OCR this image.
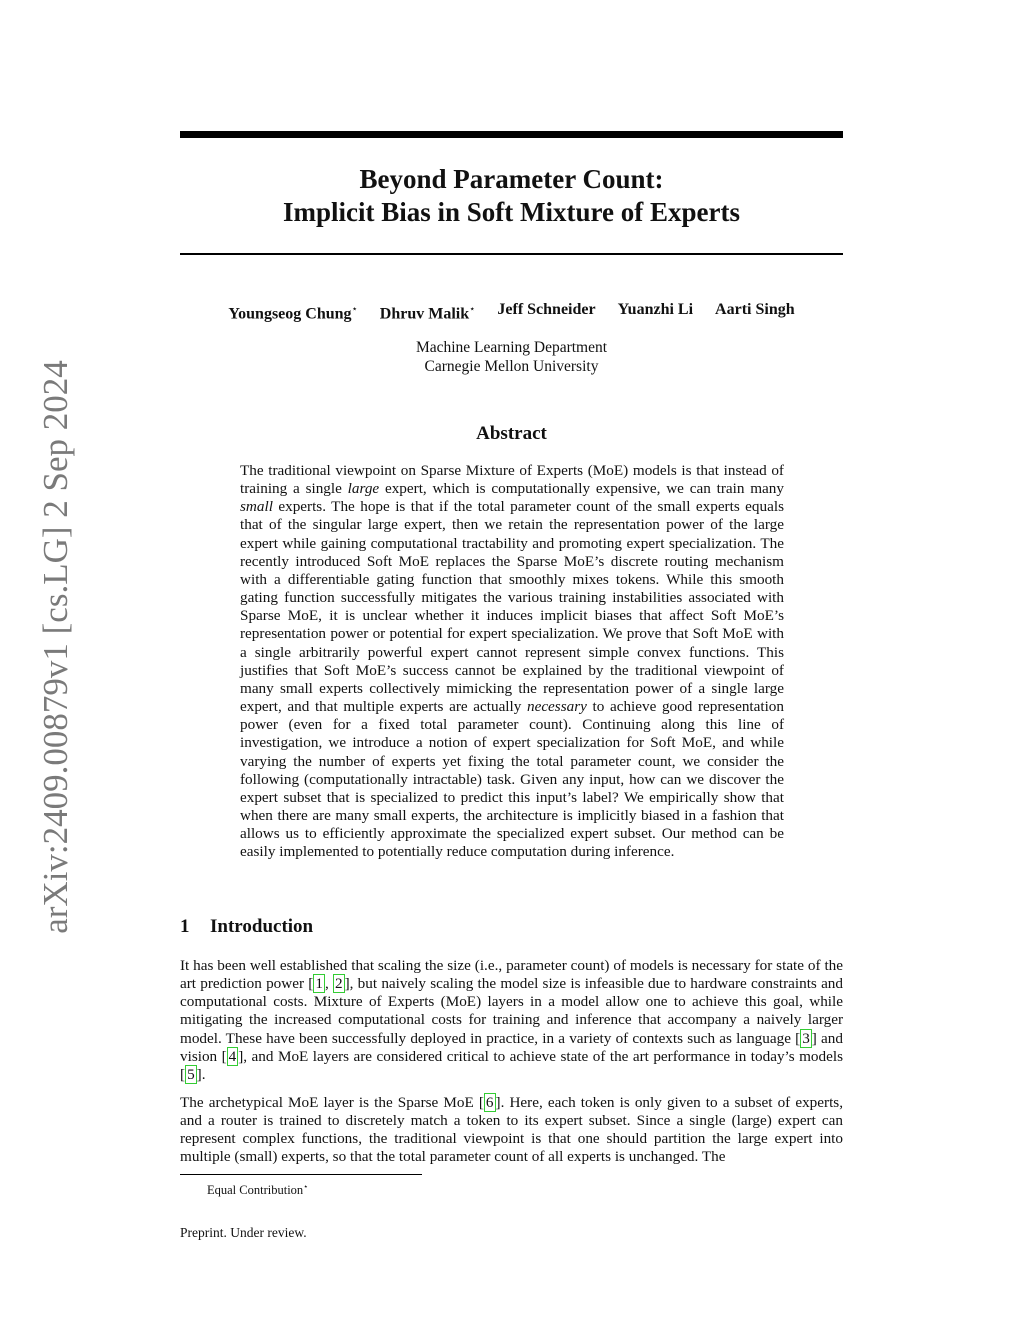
arXiv:2409.00879v1 [cs.LG] 2 Sep 2024
Beyond Parameter Count:
Implicit Bias in Soft Mixture of Experts
Youngseog Chung⋆ Dhruv Malik⋆ Jeff Schneider Yuanzhi Li Aarti Singh
Machine Learning Department
Carnegie Mellon University
Abstract
The traditional viewpoint on Sparse Mixture of Experts (MoE) models is that instead of training a single large expert, which is computationally expensive, we can train many small experts. The hope is that if the total parameter count of the small experts equals that of the singular large expert, then we retain the representation power of the large expert while gaining computational tractability and promoting expert specialization. The recently introduced Soft MoE replaces the Sparse MoE’s discrete routing mechanism with a differentiable gating function that smoothly mixes tokens. While this smooth gating function successfully mitigates the various training instabilities associated with Sparse MoE, it is unclear whether it induces implicit biases that affect Soft MoE’s representation power or potential for expert specialization. We prove that Soft MoE with a single arbitrarily powerful expert cannot represent simple convex functions. This justifies that Soft MoE’s success cannot be explained by the traditional viewpoint of many small experts collectively mimicking the representation power of a single large expert, and that multiple experts are actually necessary to achieve good representation power (even for a fixed total parameter count). Continuing along this line of investigation, we introduce a notion of expert specialization for Soft MoE, and while varying the number of experts yet fixing the total parameter count, we consider the following (computationally intractable) task. Given any input, how can we discover the expert subset that is specialized to predict this input’s label? We empirically show that when there are many small experts, the architecture is implicitly biased in a fashion that allows us to efficiently approximate the specialized expert subset. Our method can be easily implemented to potentially reduce computation during inference.
1 Introduction
It has been well established that scaling the size (i.e., parameter count) of models is necessary for state of the art prediction power [ 1 , 2 ], but naively scaling the model size is infeasible due to hardware constraints and computational costs. Mixture of Experts (MoE) layers in a model allow one to achieve this goal, while mitigating the increased computational costs for training and inference that accompany a naively larger model. These have been successfully deployed in practice, in a variety of contexts such as language [ 3 ] and vision [ 4 ], and MoE layers are considered critical to achieve state of the art performance in today’s models [ 5 ].
The archetypical MoE layer is the Sparse MoE [ 6 ]. Here, each token is only given to a subset of experts, and a router is trained to discretely match a token to its expert subset. Since a single (large) expert can represent complex functions, the traditional viewpoint is that one should partition the large expert into multiple (small) experts, so that the total parameter count of all experts is unchanged. The
Equal Contribution⋆
Preprint. Under review.
